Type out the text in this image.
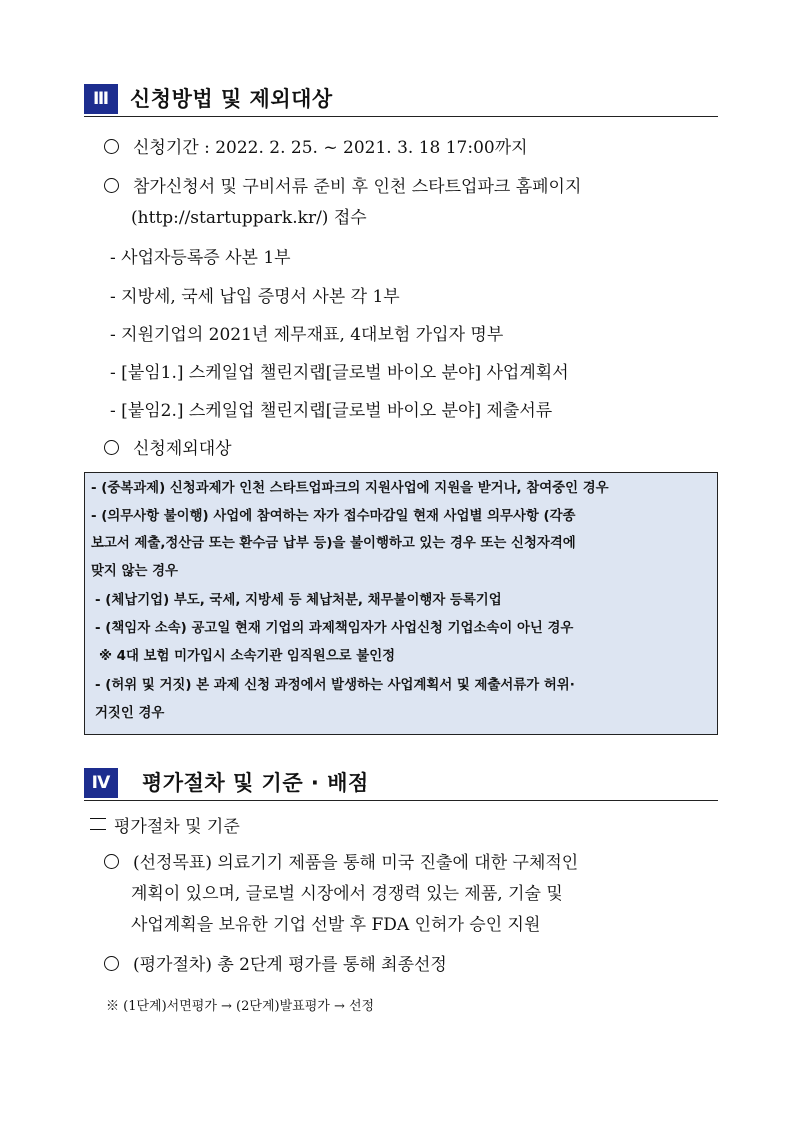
Ⅲ 신청방법 및 제외대상
신청기간 : 2022. 2. 25. ~ 2021. 3. 18 17:00까지
참가신청서 및 구비서류 준비 후 인천 스타트업파크 홈페이지
(http://startuppark.kr/) 접수
- 사업자등록증 사본 1부
- 지방세, 국세 납입 증명서 사본 각 1부
- 지원기업의 2021년 제무재표, 4대보험 가입자 명부
- [붙임1.] 스케일업 챌린지랩[글로벌 바이오 분야] 사업계획서
- [붙임2.] 스케일업 챌린지랩[글로벌 바이오 분야] 제출서류
신청제외대상
- (중복과제) 신청과제가 인천 스타트업파크의 지원사업에 지원을 받거나, 참여중인 경우
- (의무사항 불이행) 사업에 참여하는 자가 접수마감일 현재 사업별 의무사항 (각종
보고서 제출,정산금 또는 환수금 납부 등)을 불이행하고 있는 경우 또는 신청자격에
맞지 않는 경우
- (체납기업) 부도, 국세, 지방세 등 체납처분, 채무불이행자 등록기업
- (책임자 소속) 공고일 현재 기업의 과제책임자가 사업신청 기업소속이 아닌 경우
※ 4대 보험 미가입시 소속기관 임직원으로 불인정
- (허위 및 거짓) 본 과제 신청 과정에서 발생하는 사업계획서 및 제출서류가 허위·
거짓인 경우
Ⅳ	평가절차 및 기준 · 배점
평가절차 및 기준
(선정목표) 의료기기 제품을 통해 미국 진출에 대한 구체적인
계획이 있으며, 글로벌 시장에서 경쟁력 있는 제품, 기술 및
사업계획을 보유한 기업 선발 후 FDA 인허가 승인 지원
(평가절차) 총 2단계 평가를 통해 최종선정
※ (1단계)서면평가 → (2단계)발표평가 → 선정
